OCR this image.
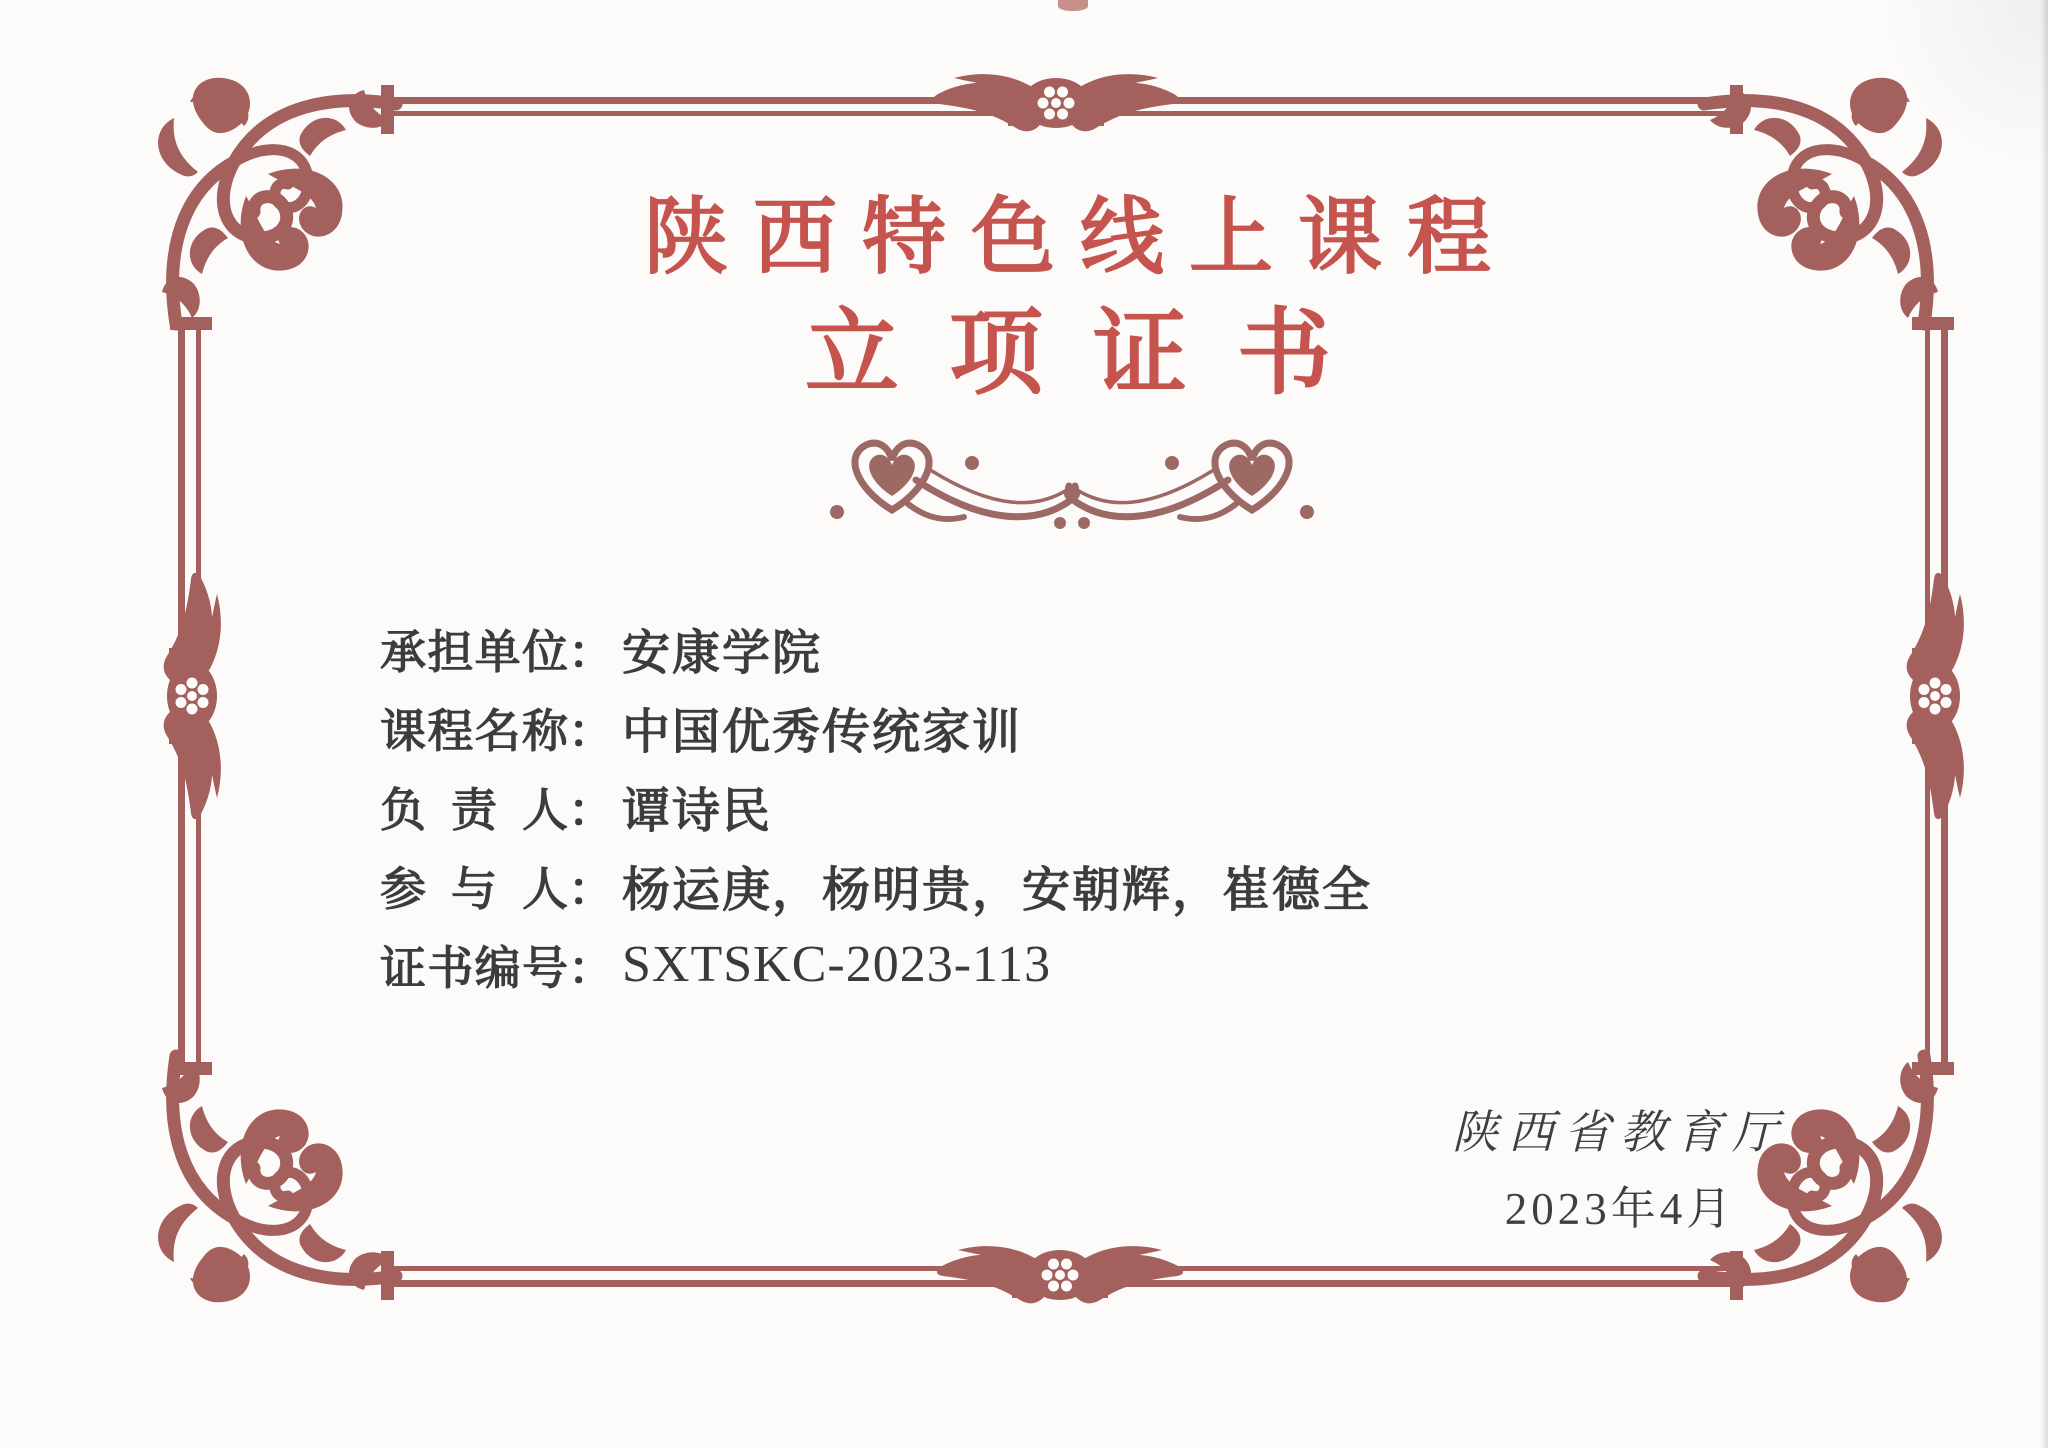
陕西特色线上课程
立项证书
承担单位 ： 安康学院
课程名称 ： 中国优秀传统家训
负责人 ： 谭诗民
参与人 ： 杨运庚，杨明贵，安朝辉，崔德全
证书编号 ： SXTSKC-2023-113
陕西省教育厅
2023年4月
